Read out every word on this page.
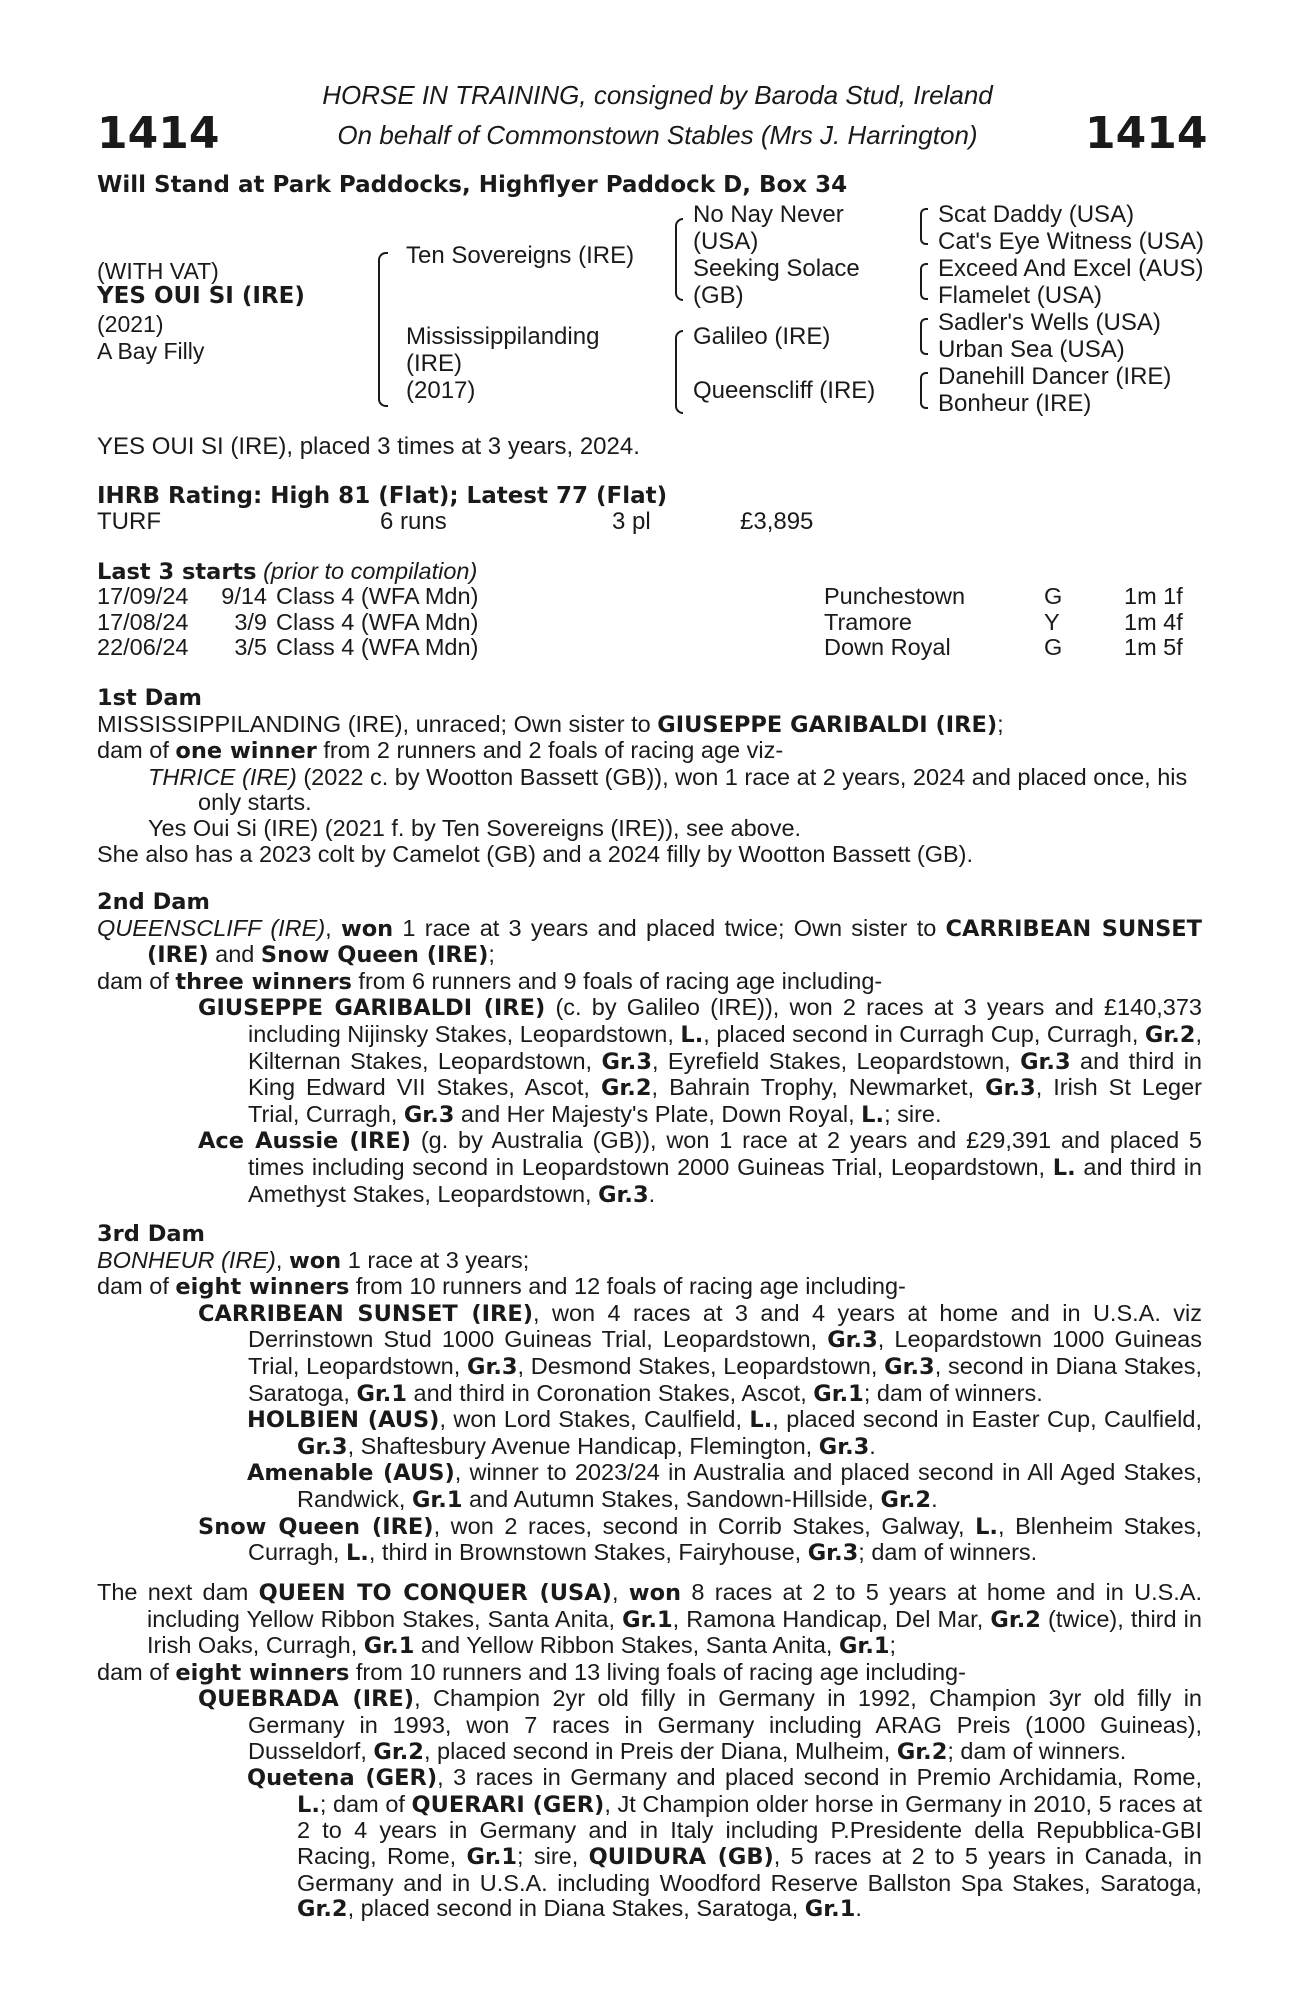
1414	1414
HORSE IN TRAINING, consigned by Baroda Stud, Ireland
On behalf of Commonstown Stables (Mrs J. Harrington)
Will Stand at Park Paddocks, Highflyer Paddock D, Box 34
(WITH VAT)
YES OUI SI (IRE)
(2021)
A Bay Filly
Ten Sovereigns (IRE)
Mississippilanding
(IRE)
(2017)
No Nay Never
(USA)
Seeking Solace
(GB)
Galileo (IRE)
Queenscliff (IRE)
Scat Daddy (USA)
Cat's Eye Witness (USA)
Exceed And Excel (AUS)
Flamelet (USA)
Sadler's Wells (USA)
Urban Sea (USA)
Danehill Dancer (IRE)
Bonheur (IRE)
YES OUI SI (IRE), placed 3 times at 3 years, 2024.
IHRB Rating: High 81 (Flat); Latest 77 (Flat)
TURF	6 runs	3 pl	£3,895
Last 3 starts (prior to compilation)
17/09/24	9/14	Class 4 (WFA Mdn)	Punchestown	G	1m 1f
17/08/24	3/9	Class 4 (WFA Mdn)	Tramore	Y	1m 4f
22/06/24	3/5	Class 4 (WFA Mdn)	Down Royal	G	1m 5f

1st Dam

MISSISSIPPILANDING (IRE), unraced; Own sister to GIUSEPPE GARIBALDI (IRE);

dam of one winner from 2 runners and 2 foals of racing age viz-

THRICE (IRE) (2022 c. by Wootton Bassett (GB)), won 1 race at 2 years, 2024 and placed once, his only starts.

Yes Oui Si (IRE) (2021 f. by Ten Sovereigns (IRE)), see above.

She also has a 2023 colt by Camelot (GB) and a 2024 filly by Wootton Bassett (GB).

2nd Dam

QUEENSCLIFF (IRE), won 1 race at 3 years and placed twice; Own sister to CARRIBEAN SUNSET (IRE) and Snow Queen (IRE);

dam of three winners from 6 runners and 9 foals of racing age including-

GIUSEPPE GARIBALDI (IRE) (c. by Galileo (IRE)), won 2 races at 3 years and £140,373 including Nijinsky Stakes, Leopardstown, L., placed second in Curragh Cup, Curragh, Gr.2, Kilternan Stakes, Leopardstown, Gr.3, Eyrefield Stakes, Leopardstown, Gr.3 and third in King Edward VII Stakes, Ascot, Gr.2, Bahrain Trophy, Newmarket, Gr.3, Irish St Leger Trial, Curragh, Gr.3 and Her Majesty's Plate, Down Royal, L.; sire.

Ace Aussie (IRE) (g. by Australia (GB)), won 1 race at 2 years and £29,391 and placed 5 times including second in Leopardstown 2000 Guineas Trial, Leopardstown, L. and third in Amethyst Stakes, Leopardstown, Gr.3.

3rd Dam

BONHEUR (IRE), won 1 race at 3 years;

dam of eight winners from 10 runners and 12 foals of racing age including-

CARRIBEAN SUNSET (IRE), won 4 races at 3 and 4 years at home and in U.S.A. viz Derrinstown Stud 1000 Guineas Trial, Leopardstown, Gr.3, Leopardstown 1000 Guineas Trial, Leopardstown, Gr.3, Desmond Stakes, Leopardstown, Gr.3, second in Diana Stakes, Saratoga, Gr.1 and third in Coronation Stakes, Ascot, Gr.1; dam of winners.

HOLBIEN (AUS), won Lord Stakes, Caulfield, L., placed second in Easter Cup, Caulfield, Gr.3, Shaftesbury Avenue Handicap, Flemington, Gr.3.

Amenable (AUS), winner to 2023/24 in Australia and placed second in All Aged Stakes, Randwick, Gr.1 and Autumn Stakes, Sandown-Hillside, Gr.2.

Snow Queen (IRE), won 2 races, second in Corrib Stakes, Galway, L., Blenheim Stakes, Curragh, L., third in Brownstown Stakes, Fairyhouse, Gr.3; dam of winners.

The next dam QUEEN TO CONQUER (USA), won 8 races at 2 to 5 years at home and in U.S.A. including Yellow Ribbon Stakes, Santa Anita, Gr.1, Ramona Handicap, Del Mar, Gr.2 (twice), third in Irish Oaks, Curragh, Gr.1 and Yellow Ribbon Stakes, Santa Anita, Gr.1;

dam of eight winners from 10 runners and 13 living foals of racing age including-

QUEBRADA (IRE), Champion 2yr old filly in Germany in 1992, Champion 3yr old filly in Germany in 1993, won 7 races in Germany including ARAG Preis (1000 Guineas), Dusseldorf, Gr.2, placed second in Preis der Diana, Mulheim, Gr.2; dam of winners.

Quetena (GER), 3 races in Germany and placed second in Premio Archidamia, Rome, L.; dam of QUERARI (GER), Jt Champion older horse in Germany in 2010, 5 races at 2 to 4 years in Germany and in Italy including P.Presidente della Repubblica-GBI Racing, Rome, Gr.1; sire, QUIDURA (GB), 5 races at 2 to 5 years in Canada, in Germany and in U.S.A. including Woodford Reserve Ballston Spa Stakes, Saratoga, Gr.2, placed second in Diana Stakes, Saratoga, Gr.1.
